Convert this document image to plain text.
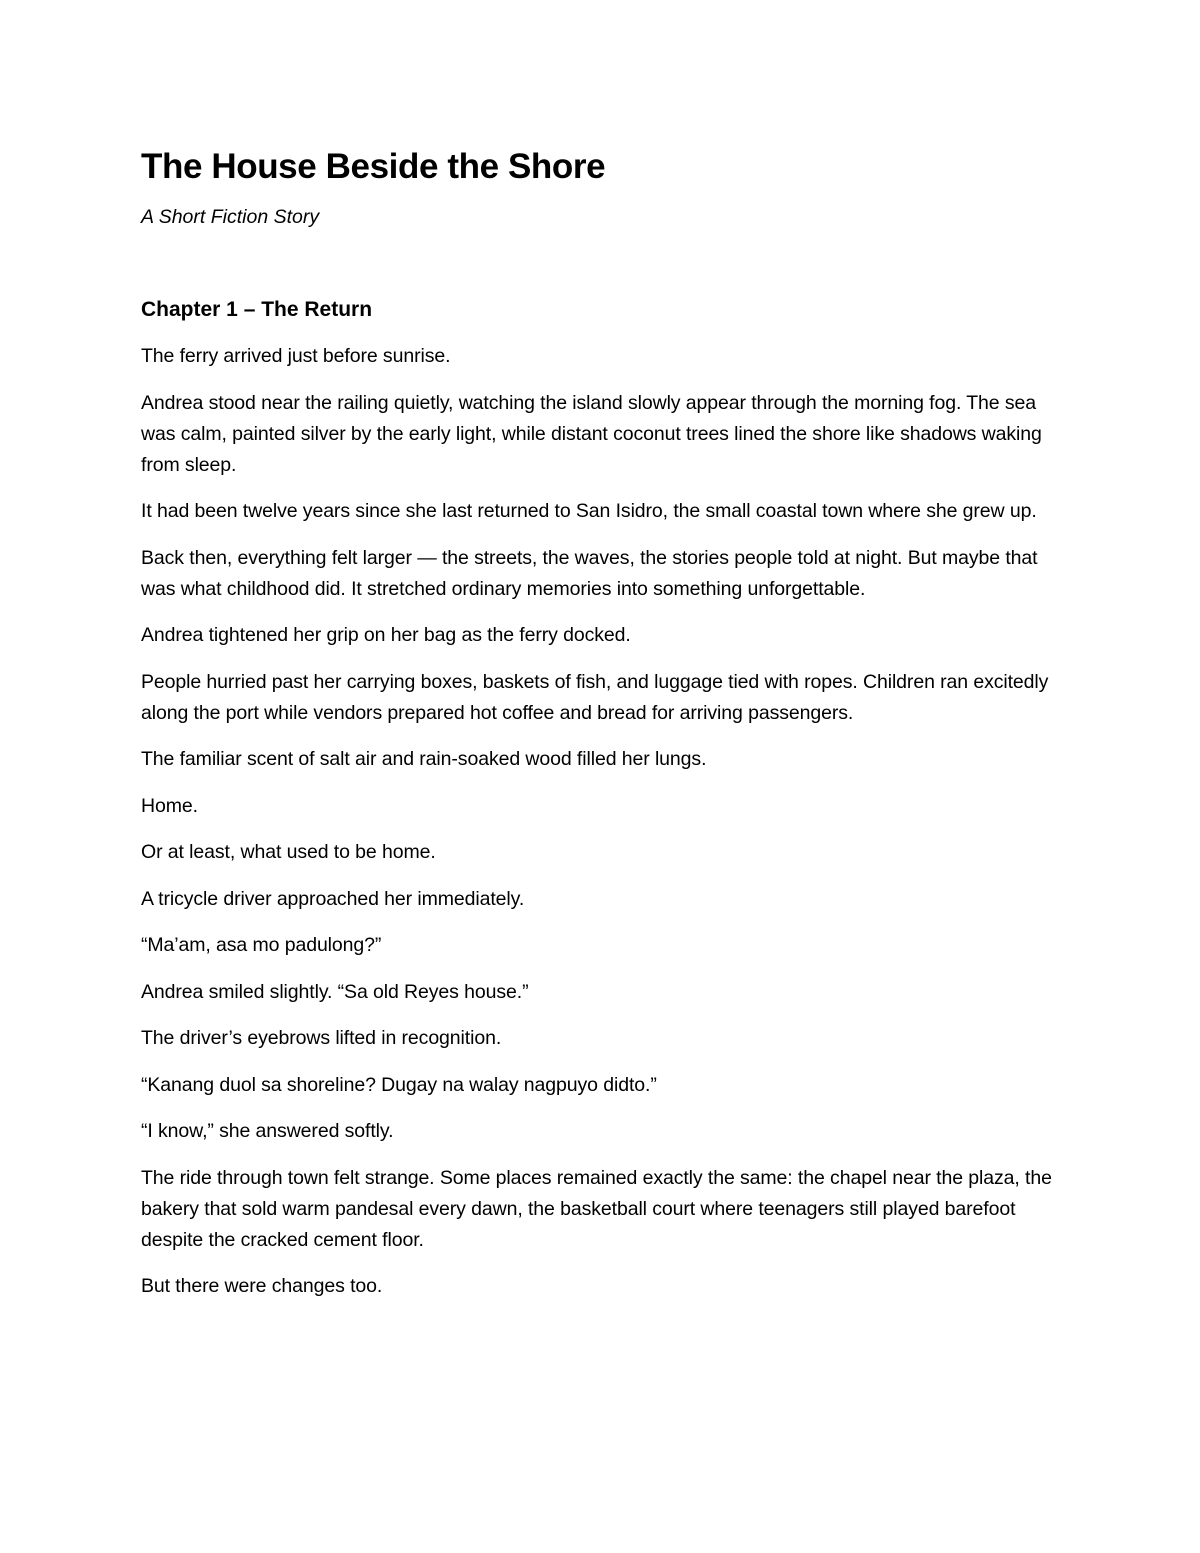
The House Beside the Shore

A Short Fiction Story

Chapter 1 – The Return

The ferry arrived just before sunrise.

Andrea stood near the railing quietly, watching the island slowly appear through the morning fog. The sea was calm, painted silver by the early light, while distant coconut trees lined the shore like shadows waking from sleep.

It had been twelve years since she last returned to San Isidro, the small coastal town where she grew up.

Back then, everything felt larger — the streets, the waves, the stories people told at night. But maybe that was what childhood did. It stretched ordinary memories into something unforgettable.

Andrea tightened her grip on her bag as the ferry docked.

People hurried past her carrying boxes, baskets of fish, and luggage tied with ropes. Children ran excitedly along the port while vendors prepared hot coffee and bread for arriving passengers.

The familiar scent of salt air and rain-soaked wood filled her lungs.

Home.

Or at least, what used to be home.

A tricycle driver approached her immediately.

“Ma’am, asa mo padulong?”

Andrea smiled slightly. “Sa old Reyes house.”

The driver’s eyebrows lifted in recognition.

“Kanang duol sa shoreline? Dugay na walay nagpuyo didto.”

“I know,” she answered softly.

The ride through town felt strange. Some places remained exactly the same: the chapel near the plaza, the bakery that sold warm pandesal every dawn, the basketball court where teenagers still played barefoot despite the cracked cement floor.

But there were changes too.
